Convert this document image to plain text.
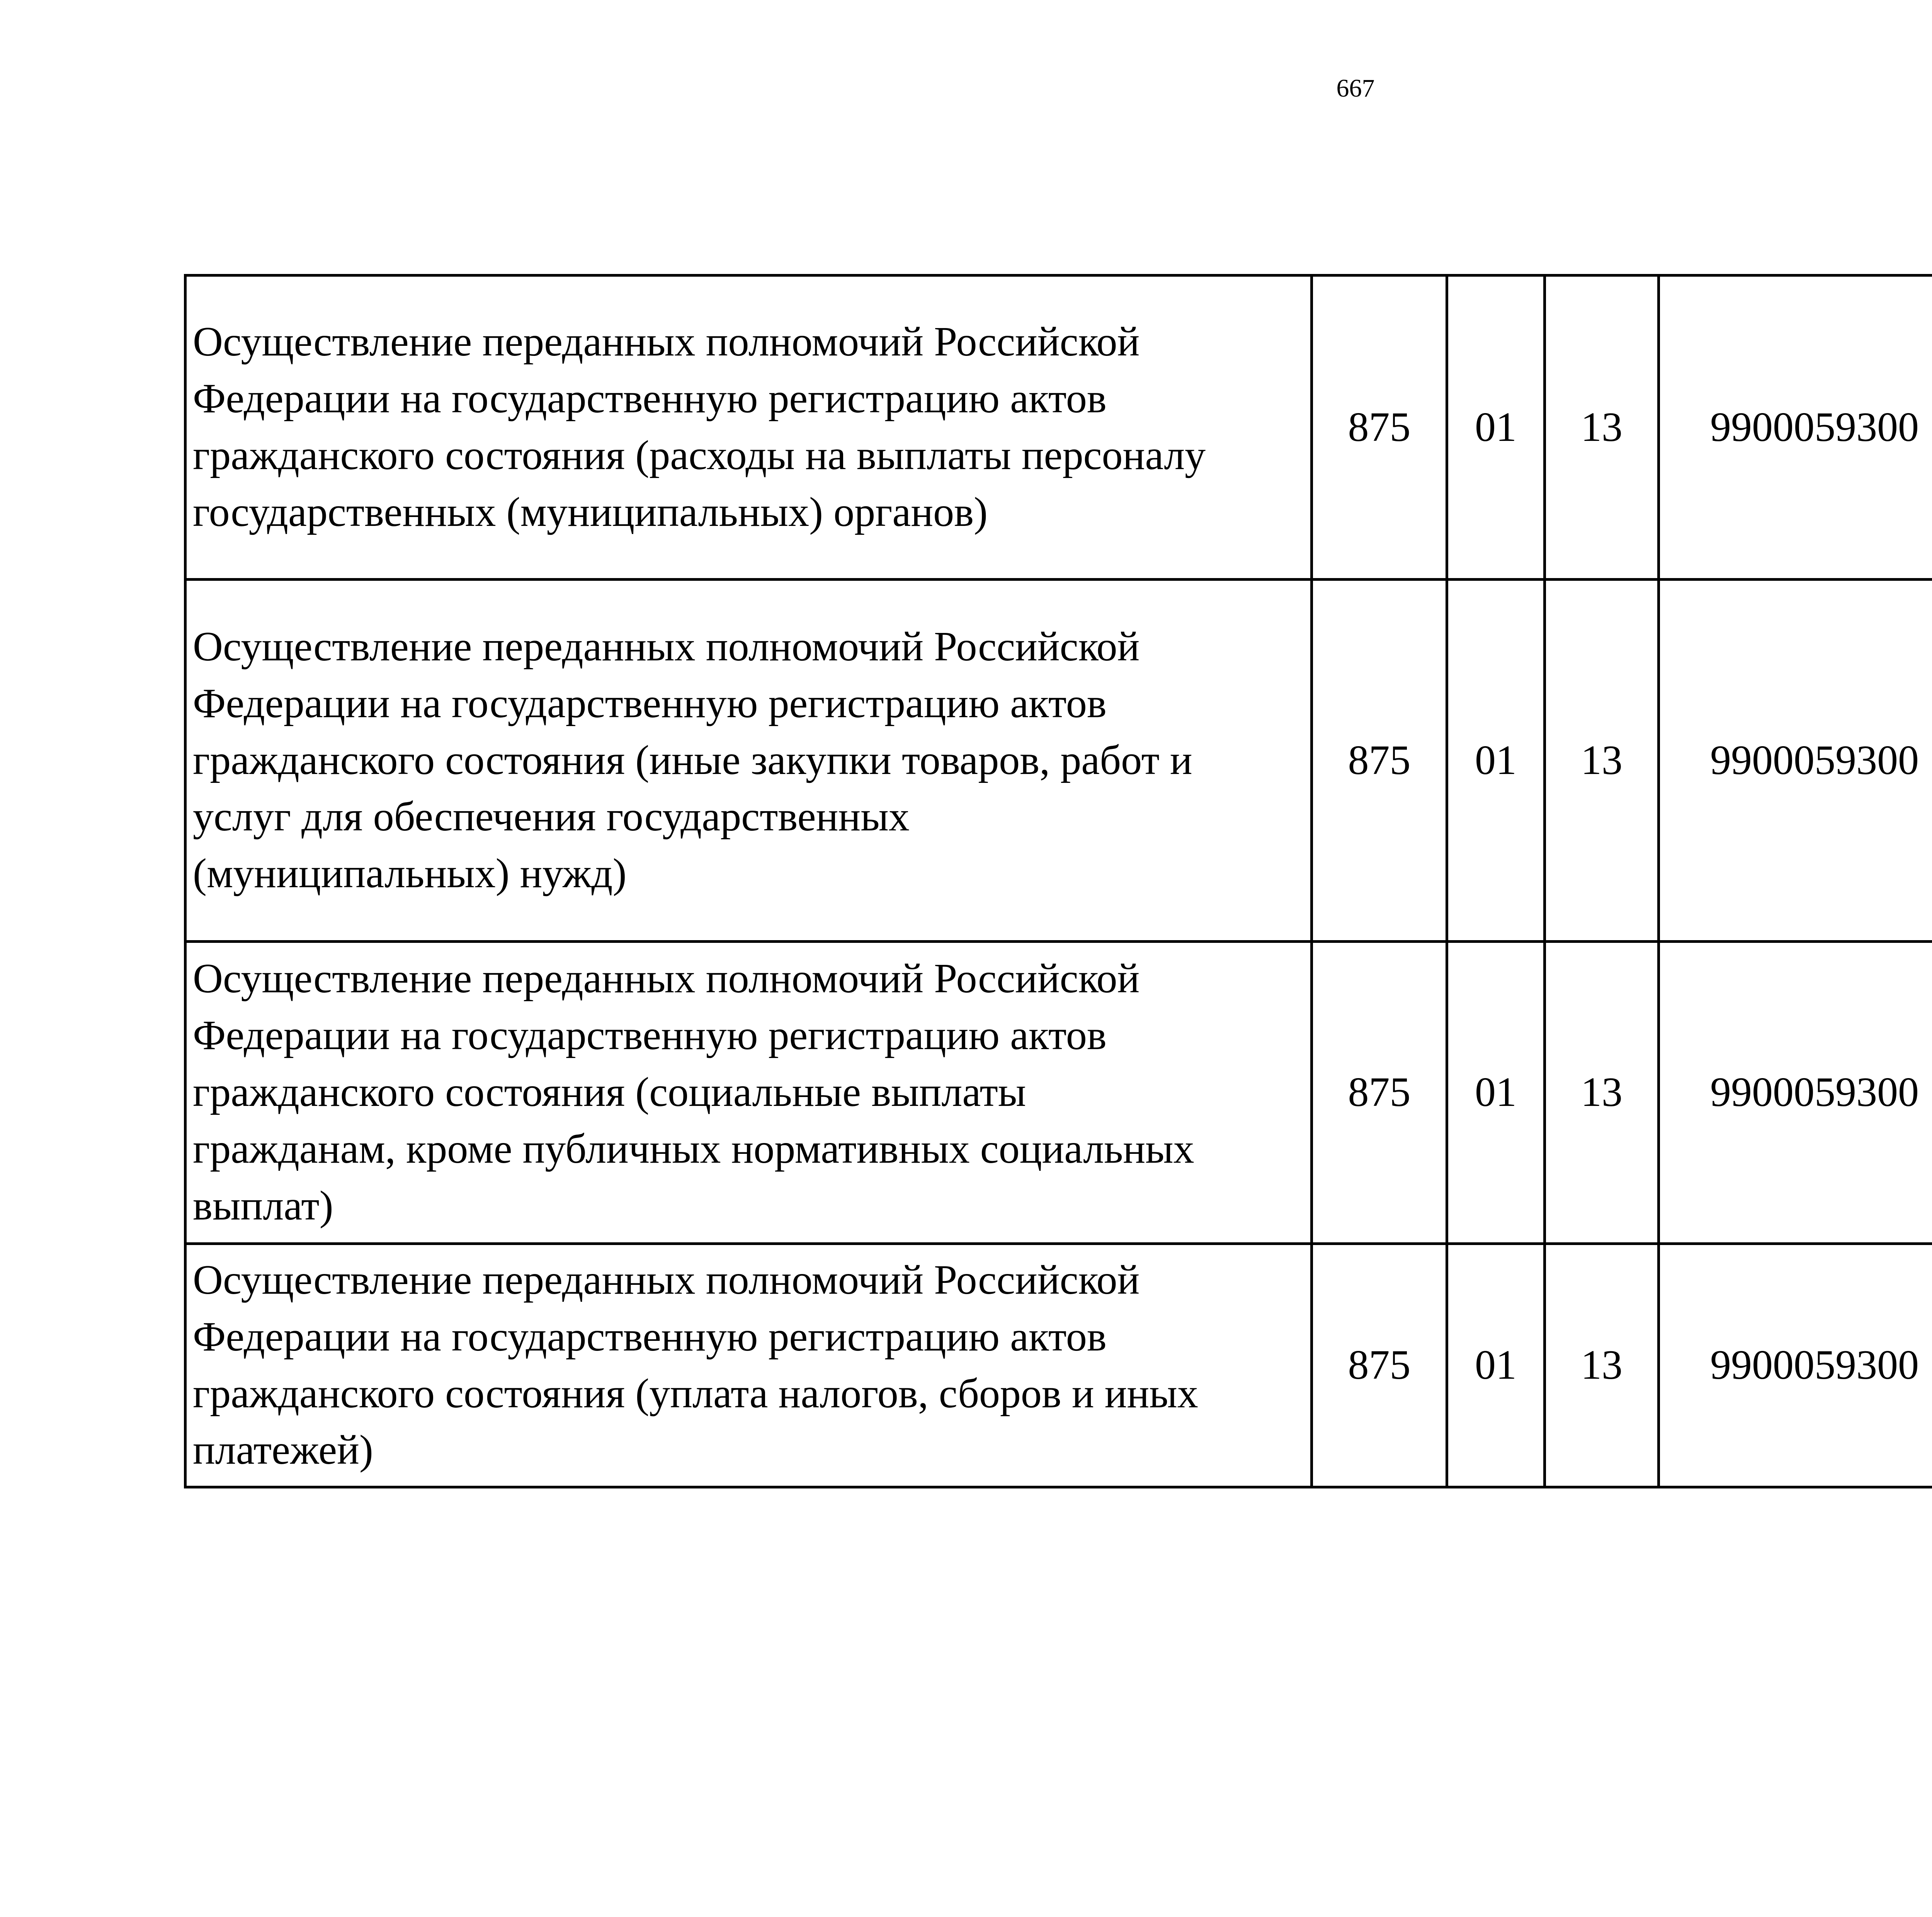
667
Осуществление переданных полномочий Российской
Федерации на государственную регистрацию актов
гражданского состояния (расходы на выплаты персоналу
государственных (муниципальных) органов)	875	01	13	9900059300		
Осуществление переданных полномочий Российской
Федерации на государственную регистрацию актов
гражданского состояния (иные закупки товаров, работ и
услуг для обеспечения государственных
(муниципальных) нужд)	875	01	13	9900059300		
Осуществление переданных полномочий Российской
Федерации на государственную регистрацию актов
гражданского состояния (социальные выплаты
гражданам, кроме публичных нормативных социальных
выплат)	875	01	13	9900059300		
Осуществление переданных полномочий Российской
Федерации на государственную регистрацию актов
гражданского состояния (уплата налогов, сборов и иных
платежей)	875	01	13	9900059300		
